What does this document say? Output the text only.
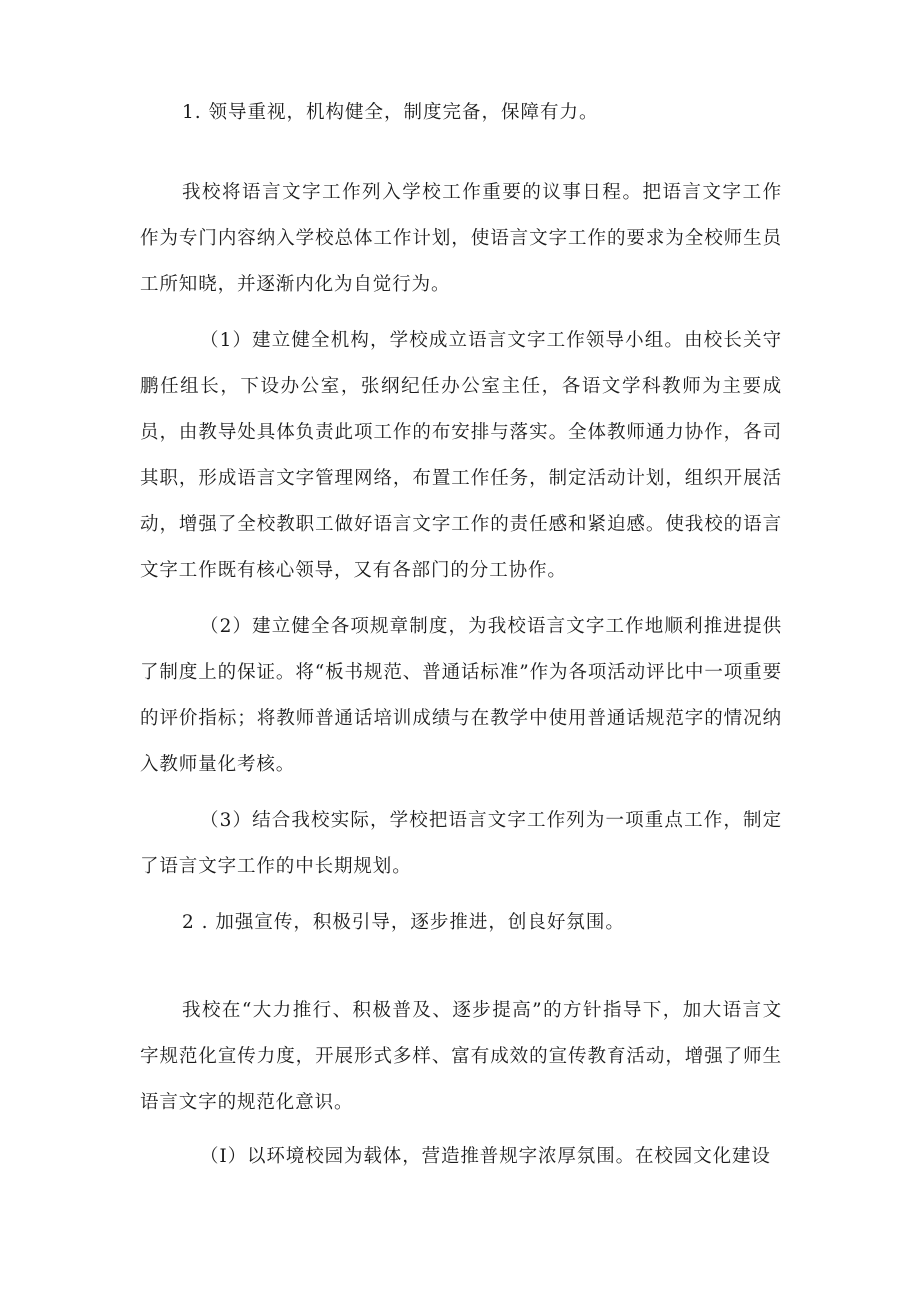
1. 领导重视，机构健全，制度完备，保障有力。

我校将语言文字工作列入学校工作重要的议事日程。把语言文字工作作为专门内容纳入学校总体工作计划，使语言文字工作的要求为全校师生员工所知晓，并逐渐内化为自觉行为。

（1）建立健全机构，学校成立语言文字工作领导小组。由校长关守鹏任组长，下设办公室，张纲纪任办公室主任，各语文学科教师为主要成员，由教导处具体负责此项工作的布安排与落实。全体教师通力协作，各司其职，形成语言文字管理网络，布置工作任务，制定活动计划，组织开展活动，增强了全校教职工做好语言文字工作的责任感和紧迫感。使我校的语言文字工作既有核心领导，又有各部门的分工协作。

（2）建立健全各项规章制度，为我校语言文字工作地顺利推进提供了制度上的保证。将“板书规范、普通话标准”作为各项活动评比中一项重要的评价指标；将教师普通话培训成绩与在教学中使用普通话规范字的情况纳入教师量化考核。

（3）结合我校实际，学校把语言文字工作列为一项重点工作，制定了语言文字工作的中长期规划。

2 . 加强宣传，积极引导，逐步推进，创良好氛围。

我校在“大力推行、积极普及、逐步提高”的方针指导下，加大语言文字规范化宣传力度，开展形式多样、富有成效的宣传教育活动，增强了师生语言文字的规范化意识。

（I）以环境校园为载体，营造推普规字浓厚氛围。在校园文化建设
